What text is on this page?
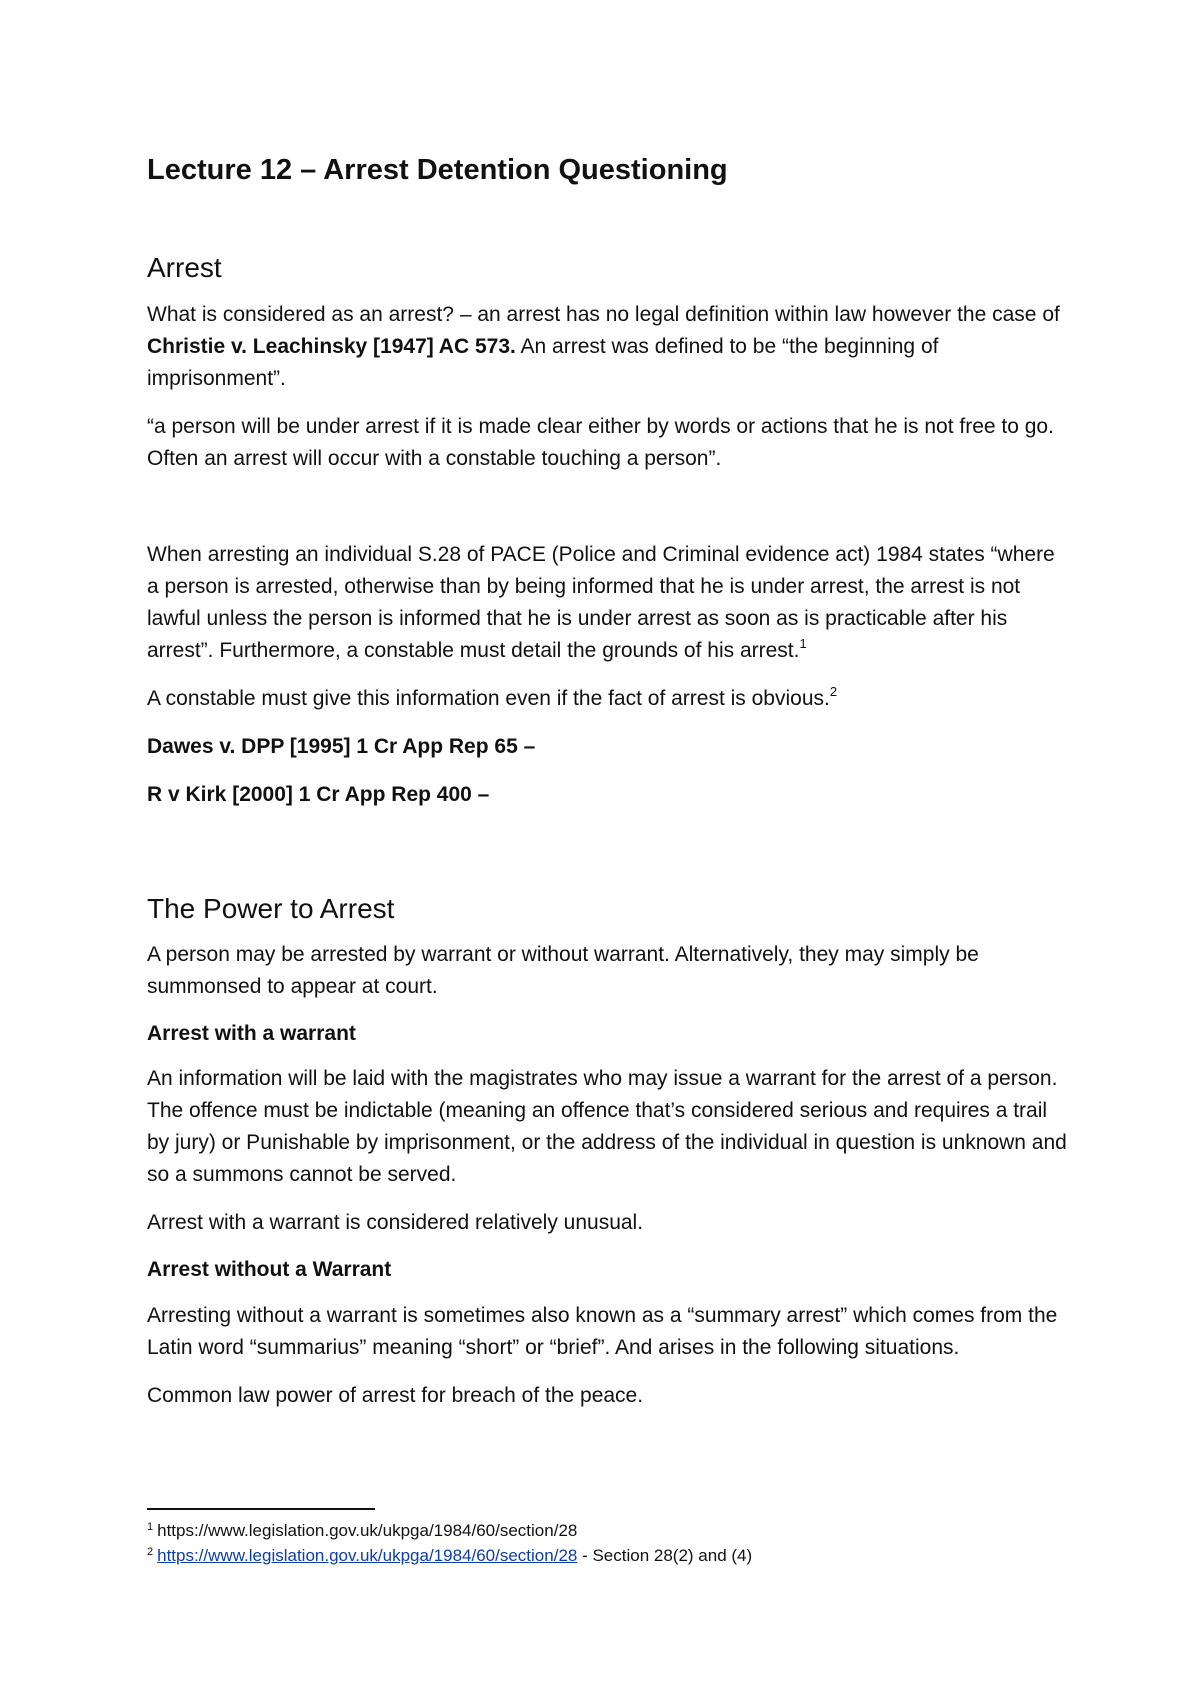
Lecture 12 – Arrest Detention Questioning
Arrest

What is considered as an arrest? – an arrest has no legal definition within law however the case of Christie v. Leachinsky [1947] AC 573. An arrest was defined to be “the beginning of imprisonment”.

“a person will be under arrest if it is made clear either by words or actions that he is not free to go. Often an arrest will occur with a constable touching a person”.

When arresting an individual S.28 of PACE (Police and Criminal evidence act) 1984 states “where a person is arrested, otherwise than by being informed that he is under arrest, the arrest is not lawful unless the person is informed that he is under arrest as soon as is practicable after his arrest”. Furthermore, a constable must detail the grounds of his arrest.$^1$

A constable must give this information even if the fact of arrest is obvious.$^2$

Dawes v. DPP [1995] 1 Cr App Rep 65 –

R v Kirk [2000] 1 Cr App Rep 400 –

The Power to Arrest

A person may be arrested by warrant or without warrant. Alternatively, they may simply be summonsed to appear at court.

Arrest with a warrant

An information will be laid with the magistrates who may issue a warrant for the arrest of a person. The offence must be indictable (meaning an offence that’s considered serious and requires a trail by jury) or Punishable by imprisonment, or the address of the individual in question is unknown and so a summons cannot be served.

Arrest with a warrant is considered relatively unusual.

Arrest without a Warrant

Arresting without a warrant is sometimes also known as a “summary arrest” which comes from the Latin word “summarius” meaning “short” or “brief”. And arises in the following situations.

Common law power of arrest for breach of the peace.

$^1$ https://www.legislation.gov.uk/ukpga/1984/60/section/28

$^2$ https://www.legislation.gov.uk/ukpga/1984/60/section/28 - Section 28(2) and (4)
